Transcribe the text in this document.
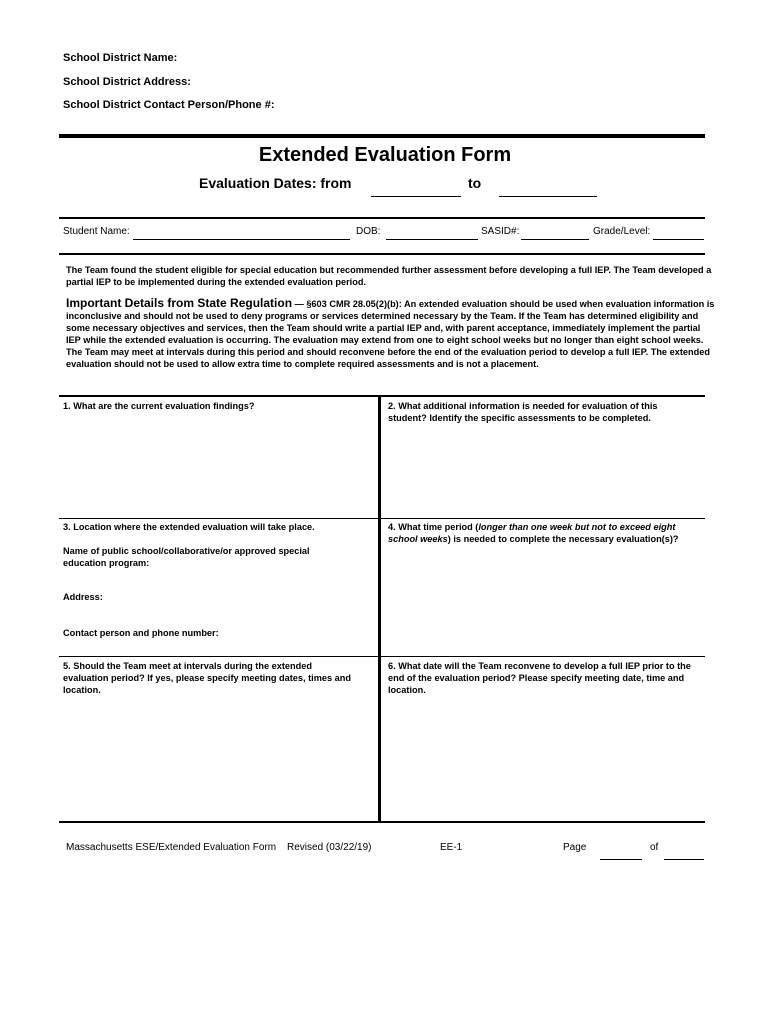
School District Name:
School District Address:
School District Contact Person/Phone #:
Extended Evaluation Form
Evaluation Dates: from	to
Student Name:	DOB:	SASID#:	Grade/Level:
The Team found the student eligible for special education but recommended further assessment before developing a full IEP. The Team developed a partial IEP to be implemented during the extended evaluation period.
Important Details from State Regulation — §603 CMR 28.05(2)(b): An extended evaluation should be used when evaluation information is inconclusive and should not be used to deny programs or services determined necessary by the Team. If the Team has determined eligibility and some necessary objectives and services, then the Team should write a partial IEP and, with parent acceptance, immediately implement the partial IEP while the extended evaluation is occurring. The evaluation may extend from one to eight school weeks but no longer than eight school weeks. The Team may meet at intervals during this period and should reconvene before the end of the evaluation period to develop a full IEP. The extended evaluation should not be used to allow extra time to complete required assessments and is not a placement.
1. What are the current evaluation findings?	2. What additional information is needed for evaluation of this student? Identify the specific assessments to be completed.
3. Location where the extended evaluation will take place.
Name of public school/collaborative/or approved special education program:
Address:
Contact person and phone number:
4. What time period (longer than one week but not to exceed eight school weeks) is needed to complete the necessary evaluation(s)?
5. Should the Team meet at intervals during the extended evaluation period? If yes, please specify meeting dates, times and location.
6. What date will the Team reconvene to develop a full IEP prior to the end of the evaluation period? Please specify meeting date, time and location.
Massachusetts ESE/Extended Evaluation Form Revised (03/22/19)	EE-1	Page	of
